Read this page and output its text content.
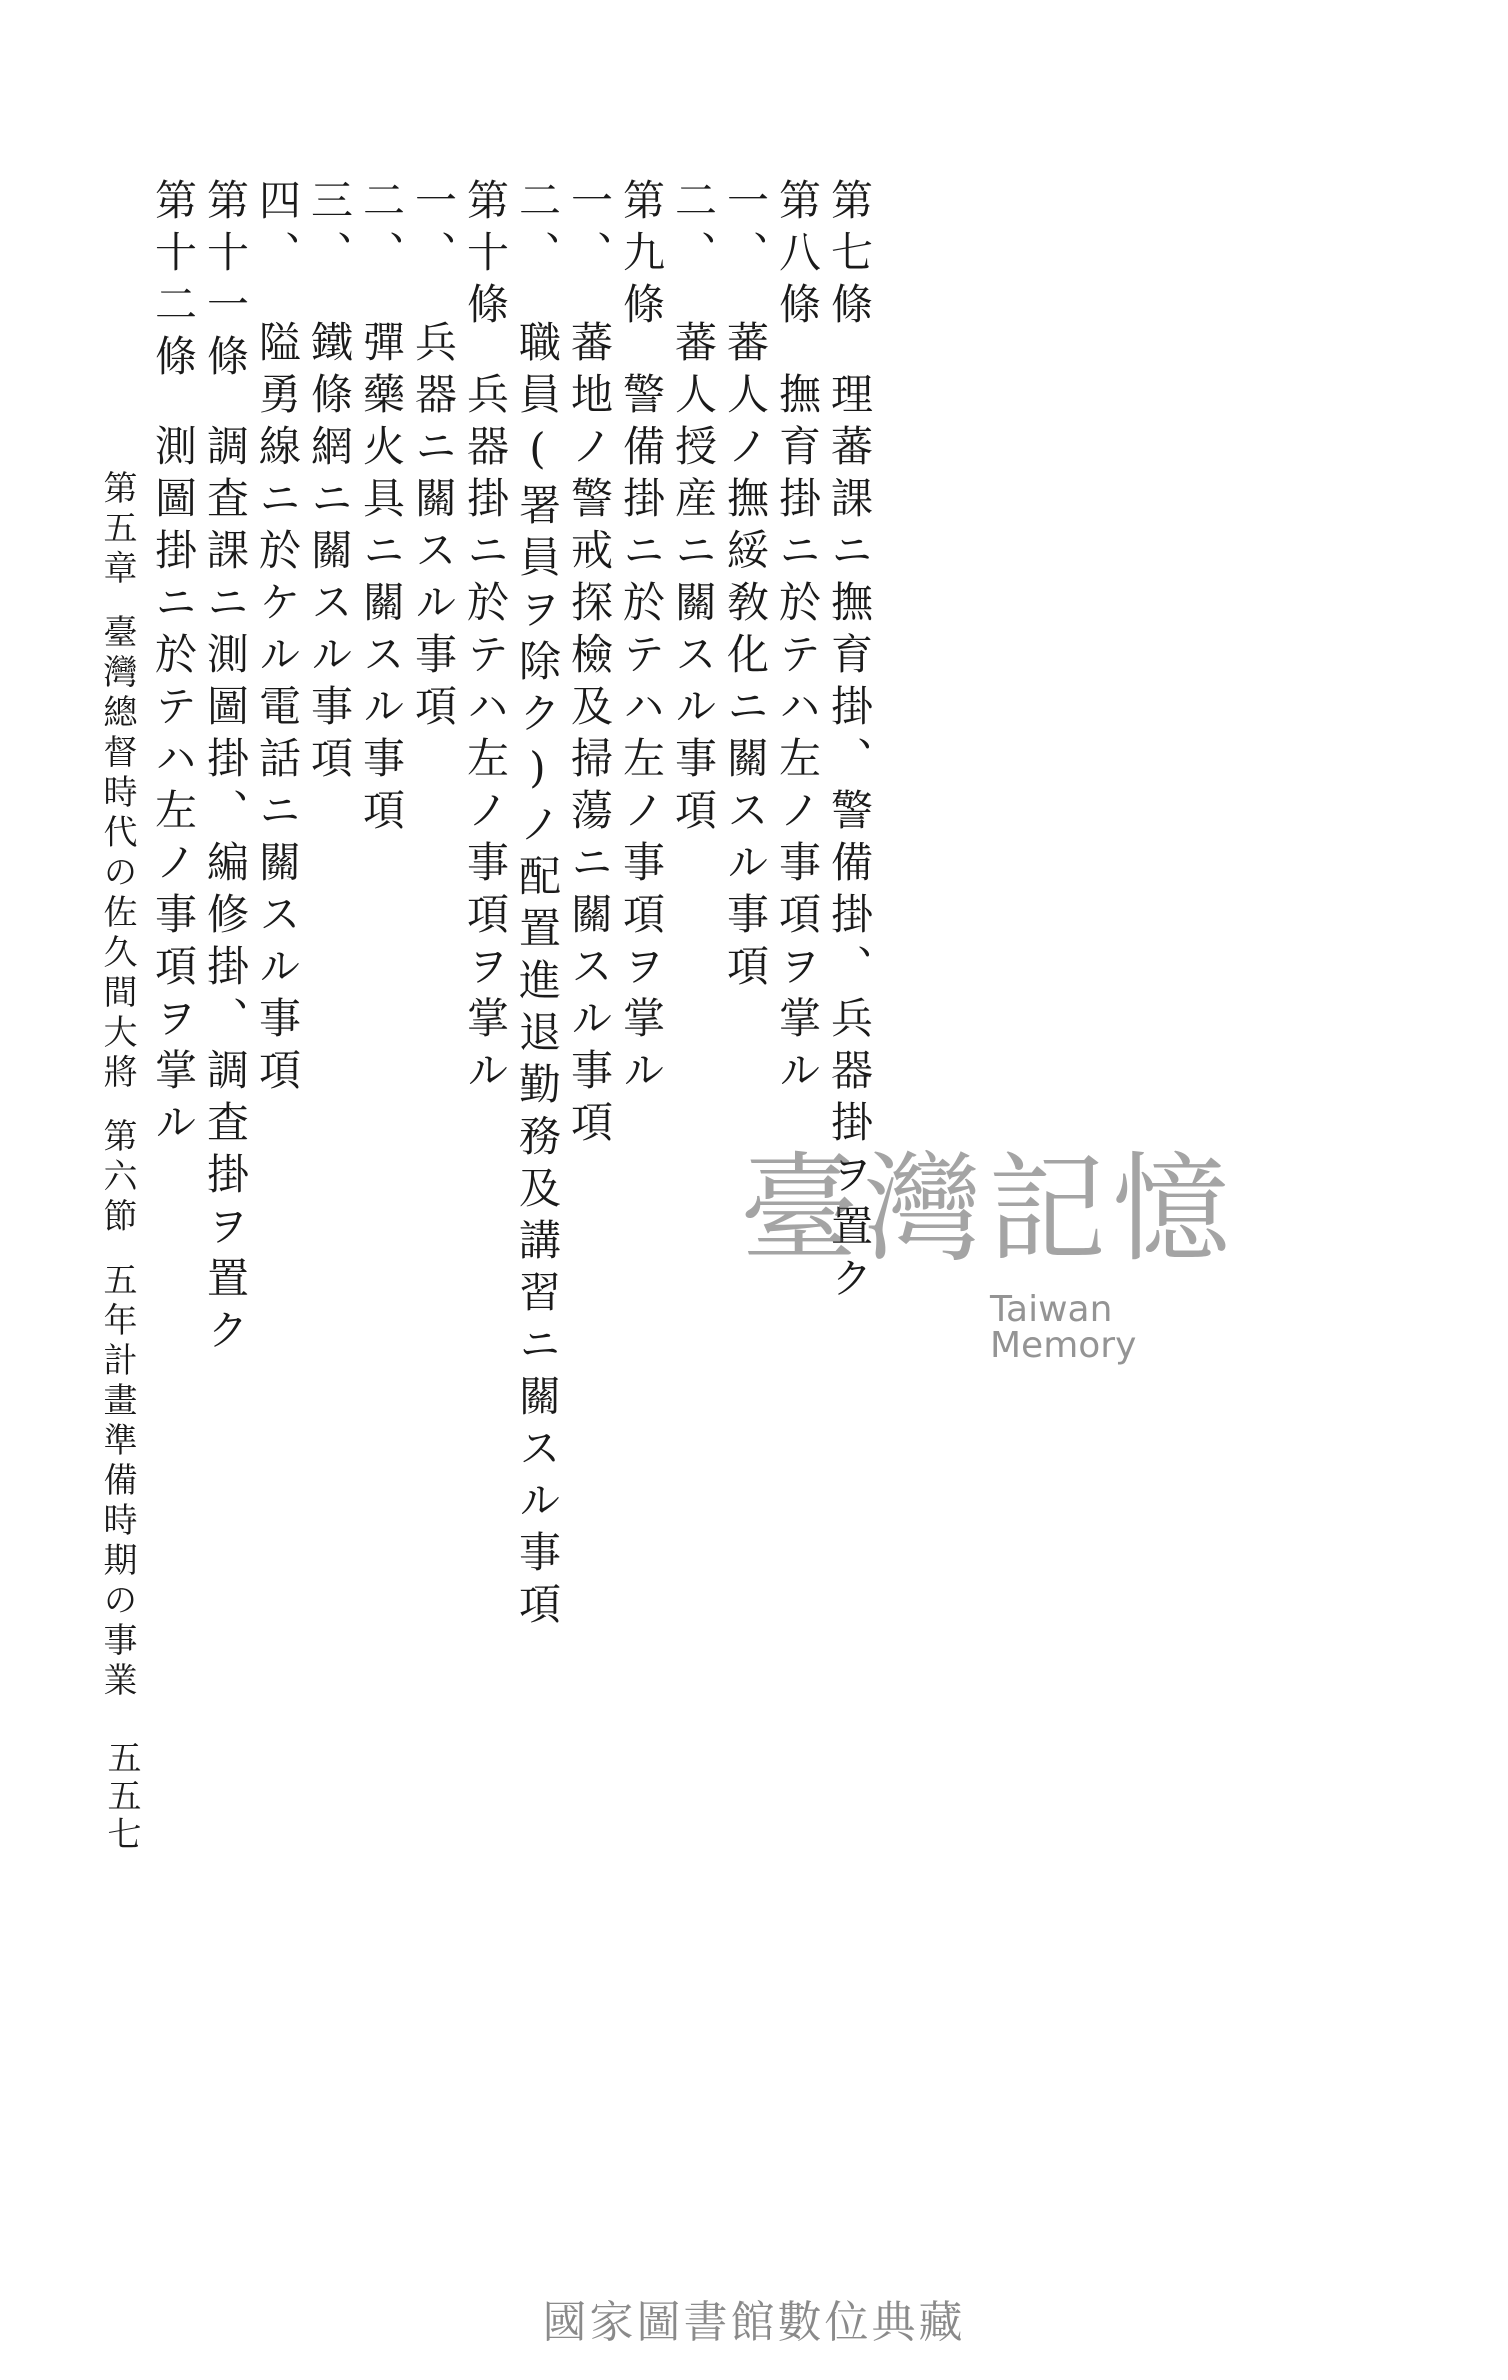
第七條理蕃課ニ撫育掛、警備掛、兵器掛ヲ置ク
第八條撫育掛ニ於テハ左ノ事項ヲ掌ル
一、蕃人ノ撫綏敎化ニ關スル事項
二、蕃人授産ニ關スル事項
第九條警備掛ニ於テハ左ノ事項ヲ掌ル
一、蕃地ノ警戒探檢及掃蕩ニ關スル事項
二、職員(署員ヲ除ク)ノ配置進退勤務及講習ニ關スル事項
第十條兵器掛ニ於テハ左ノ事項ヲ掌ル
一、兵器ニ關スル事項
二、彈藥火具ニ關スル事項
三、鐵條網ニ關スル事項
四、隘勇線ニ於ケル電話ニ關スル事項
第十一條調査課ニ測圖掛、編修掛、調査掛ヲ置ク
第十二條測圖掛ニ於テハ左ノ事項ヲ掌ル
第五章臺灣總督時代の佐久間大將第六節五年計畫準備時期の事業
五五七
臺灣記憶
Taiwan Memory
國家圖書館數位典藏
